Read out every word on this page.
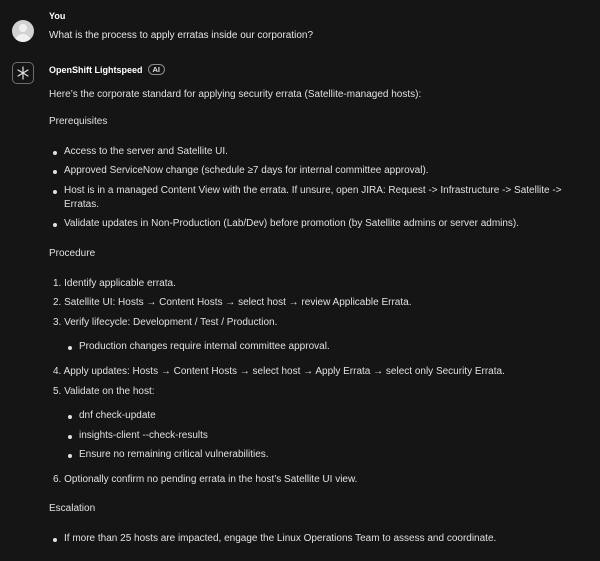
You
What is the process to apply erratas inside our corporation?
OpenShift Lightspeed AI
Here’s the corporate standard for applying security errata (Satellite-managed hosts):
Prerequisites
Access to the server and Satellite UI.
Approved ServiceNow change (schedule ≥7 days for internal committee approval).
Host is in a managed Content View with the errata. If unsure, open JIRA: Request -> Infrastructure -> Satellite ->
Erratas.
Validate updates in Non-Production (Lab/Dev) before promotion (by Satellite admins or server admins).
Procedure
1. Identify applicable errata.
2. Satellite UI: Hosts → Content Hosts → select host → review Applicable Errata.
3. Verify lifecycle: Development / Test / Production.
Production changes require internal committee approval.
4. Apply updates: Hosts → Content Hosts → select host → Apply Errata → select only Security Errata.
5. Validate on the host:
dnf check-update
insights-client --check-results
Ensure no remaining critical vulnerabilities.
6. Optionally confirm no pending errata in the host’s Satellite UI view.
Escalation
If more than 25 hosts are impacted, engage the Linux Operations Team to assess and coordinate.
